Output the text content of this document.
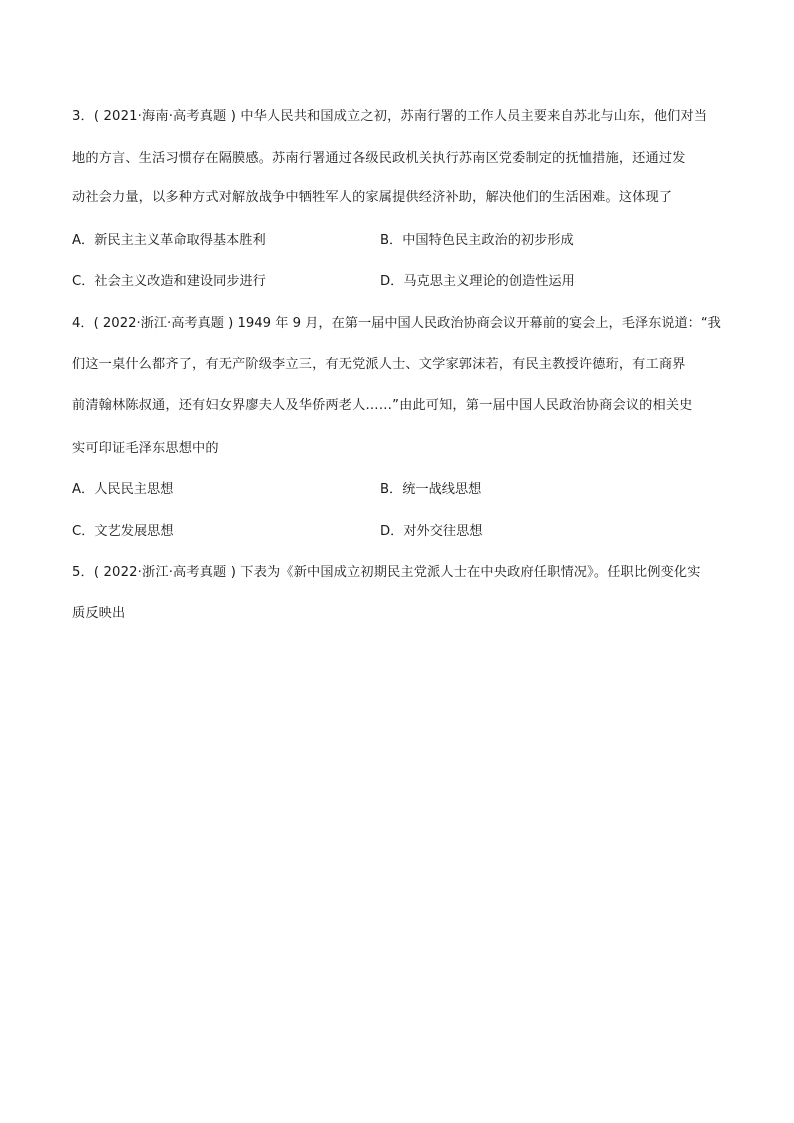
3．( 2021·海南·高考真题 ) 中华人民共和国成立之初，苏南行署的工作人员主要来自苏北与山东，他们对当
地的方言、生活习惯存在隔膜感。苏南行署通过各级民政机关执行苏南区党委制定的抚恤措施，还通过发
动社会力量，以多种方式对解放战争中牺牲军人的家属提供经济补助，解决他们的生活困难。这体现了
A．新民主主义革命取得基本胜利	B．中国特色民主政治的初步形成
C．社会主义改造和建设同步进行	D．马克思主义理论的创造性运用
4．( 2022·浙江·高考真题 ) 1949 年 9 月，在第一届中国人民政治协商会议开幕前的宴会上，毛泽东说道：“我
们这一桌什么都齐了，有无产阶级李立三，有无党派人士、文学家郭沫若，有民主教授许德珩，有工商界
前清翰林陈叔通，还有妇女界廖夫人及华侨两老人……”由此可知，第一届中国人民政治协商会议的相关史
实可印证毛泽东思想中的
A．人民民主思想	B．统一战线思想
C．文艺发展思想	D．对外交往思想
5．( 2022·浙江·高考真题 ) 下表为《新中国成立初期民主党派人士在中央政府任职情况》。任职比例变化实
质反映出
